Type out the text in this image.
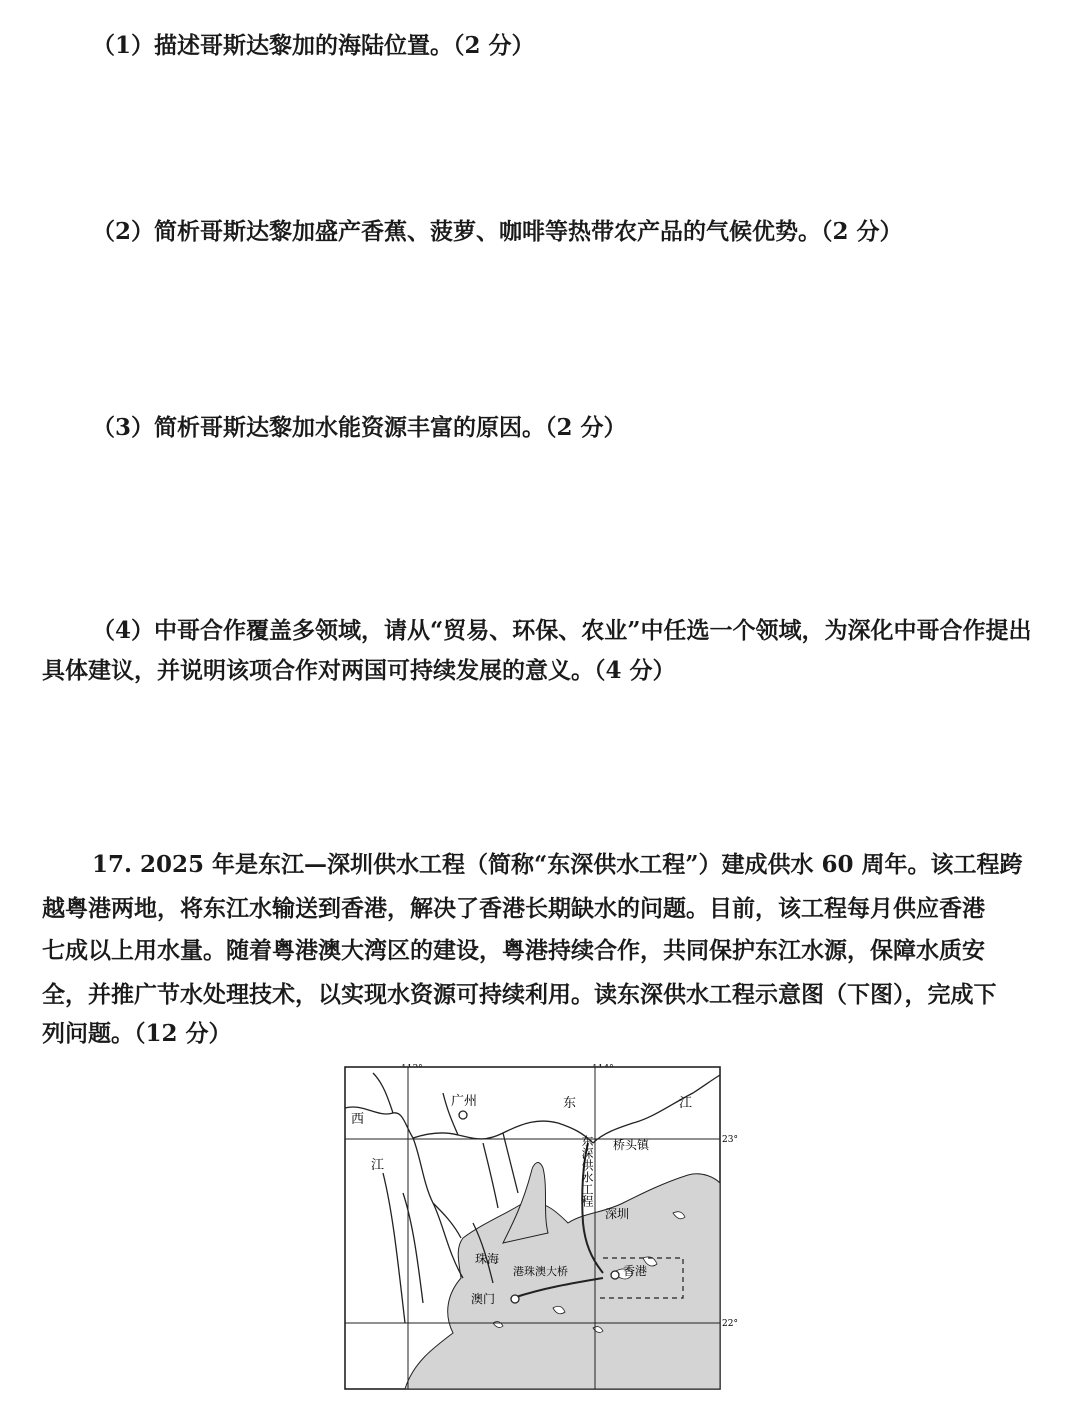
（1）描述哥斯达黎加的海陆位置。（2 分）

（2）简析哥斯达黎加盛产香蕉、菠萝、咖啡等热带农产品的气候优势。（2 分）

（3）简析哥斯达黎加水能资源丰富的原因。（2 分）

（4）中哥合作覆盖多领域，请从“贸易、环保、农业”中任选一个领域，为深化中哥合作提出

具体建议，并说明该项合作对两国可持续发展的意义。（4 分）

17. 2025 年是东江—深圳供水工程（简称“东深供水工程”）建成供水 60 周年。该工程跨

越粤港两地，将东江水输送到香港，解决了香港长期缺水的问题。目前，该工程每月供应香港

七成以上用水量。随着粤港澳大湾区的建设，粤港持续合作，共同保护东江水源，保障水质安

全，并推广节水处理技术，以实现水资源可持续利用。读东深供水工程示意图（下图），完成下

列问题。（12 分）

23°
22°
广州
西
江
东	江
桥头镇
东深供水工程
深圳
珠海
港珠澳大桥
澳门
香港
